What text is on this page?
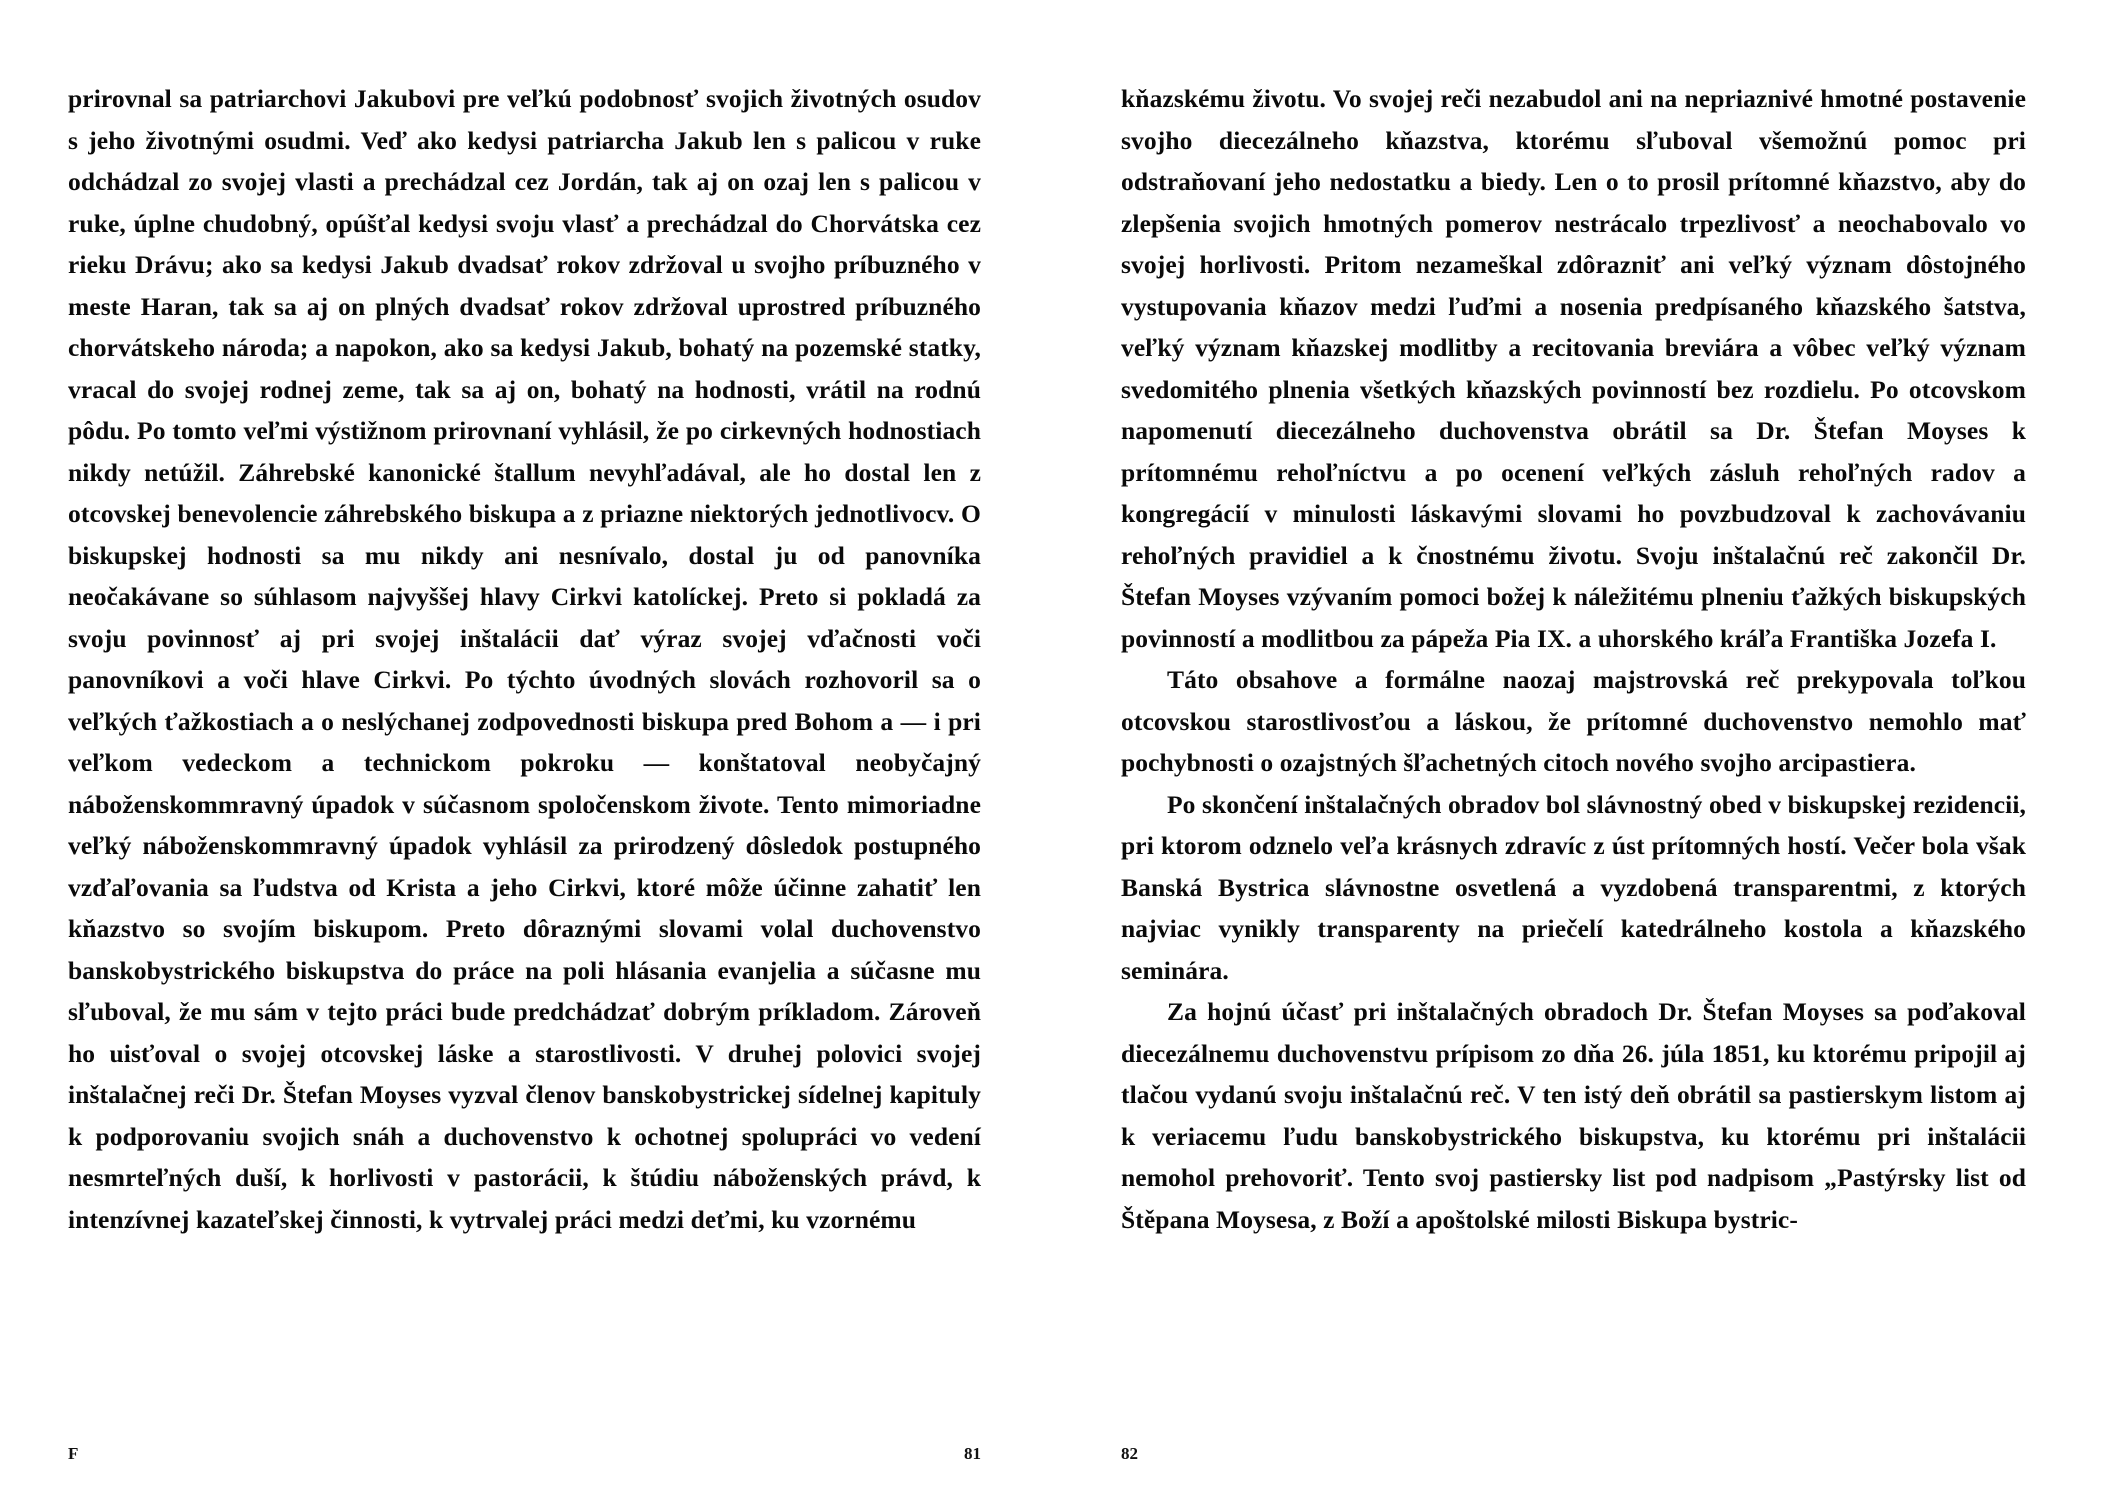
prirovnal sa patriarchovi Jakubovi pre veľkú podobnosť svojich životných osudov s jeho životnými osudmi. Veď ako kedysi patriarcha Jakub len s palicou v ruke odchádzal zo svojej vlasti a prechádzal cez Jordán, tak aj on ozaj len s palicou v ruke, úplne chudobný, opúšťal kedysi svoju vlasť a prechádzal do Chorvátska cez rieku Drávu; ako sa kedysi Jakub dvadsať rokov zdržoval u svojho príbuzného v meste Haran, tak sa aj on plných dvadsať rokov zdržoval uprostred príbuzného chorvátskeho národa; a napokon, ako sa kedysi Jakub, bohatý na pozemské statky, vracal do svojej rodnej zeme, tak sa aj on, bohatý na hodnosti, vrátil na rodnú pôdu. Po tomto veľmi výstižnom prirovnaní vyhlásil, že po cirkevných hodnostiach nikdy netúžil. Záhrebské kanonické štallum nevyhľadával, ale ho dostal len z otcovskej benevolencie záhrebského biskupa a z priazne niektorých jednotlivocv. O biskupskej hodnosti sa mu nikdy ani nesnívalo, dostal ju od panovníka neočakávane so súhlasom najvyššej hlavy Cirkvi katolíckej. Preto si pokladá za svoju povinnosť aj pri svojej inštalácii dať výraz svojej vďačnosti voči panovníkovi a voči hlave Cirkvi. Po týchto úvodných slovách rozhovoril sa o veľkých ťažkostiach a o neslýchanej zodpovednosti biskupa pred Bohom a — i pri veľkom vedeckom a technickom pokroku — konštatoval neobyčajný náboženskommravný úpadok v súčasnom spoločenskom živote. Tento mimoriadne veľký náboženskommravný úpadok vyhlásil za prirodzený dôsledok postupného vzďaľovania sa ľudstva od Krista a jeho Cirkvi, ktoré môže účinne zahatiť len kňazstvo so svojím biskupom. Preto dôraznými slovami volal duchovenstvo banskobystrického biskupstva do práce na poli hlásania evanjelia a súčasne mu sľuboval, že mu sám v tejto práci bude predchádzať dobrým príkladom. Zároveň ho uisťoval o svojej otcovskej láske a starostlivosti. V druhej polovici svojej inštalačnej reči Dr. Štefan Moyses vyzval členov banskobystrickej sídelnej kapituly k podporovaniu svojich snáh a duchovenstvo k ochotnej spolupráci vo vedení nesmrteľných duší, k horlivosti v pastorácii, k štúdiu náboženských právd, k intenzívnej kazateľskej činnosti, k vytrvalej práci medzi deťmi, ku vzornému

F	81

kňazskému životu. Vo svojej reči nezabudol ani na nepriaznivé hmotné postavenie svojho diecezálneho kňazstva, ktorému sľuboval všemožnú pomoc pri odstraňovaní jeho nedostatku a biedy. Len o to prosil prítomné kňazstvo, aby do zlepšenia svojich hmotných pomerov nestrácalo trpezlivosť a neochabovalo vo svojej horlivosti. Pritom nezameškal zdôrazniť ani veľký význam dôstojného vystupovania kňazov medzi ľuďmi a nosenia predpísaného kňazského šatstva, veľký význam kňazskej modlitby a recitovania breviára a vôbec veľký význam svedomitého plnenia všetkých kňazských povinností bez rozdielu. Po otcovskom napomenutí diecezálneho duchovenstva obrátil sa Dr. Štefan Moyses k prítomnému rehoľníctvu a po ocenení veľkých zásluh rehoľných radov a kongregácií v minulosti láskavými slovami ho povzbudzoval k zachovávaniu rehoľných pravidiel a k čnostnému životu. Svoju inštalačnú reč zakončil Dr. Štefan Moyses vzývaním pomoci božej k náležitému plneniu ťažkých biskupských povinností a modlitbou za pápeža Pia IX. a uhorského kráľa Františka Jozefa I.

Táto obsahove a formálne naozaj majstrovská reč prekypovala toľkou otcovskou starostlivosťou a láskou, že prítomné duchovenstvo nemohlo mať pochybnosti o ozajstných šľachetných citoch nového svojho arcipastiera.

Po skončení inštalačných obradov bol slávnostný obed v biskupskej rezidencii, pri ktorom odznelo veľa krásnych zdravíc z úst prítomných hostí. Večer bola však Banská Bystrica slávnostne osvetlená a vyzdobená transparentmi, z ktorých najviac vynikly transparenty na priečelí katedrálneho kostola a kňazského seminára.

Za hojnú účasť pri inštalačných obradoch Dr. Štefan Moyses sa poďakoval diecezálnemu duchovenstvu prípisom zo dňa 26. júla 1851, ku ktorému pripojil aj tlačou vydanú svoju inštalačnú reč. V ten istý deň obrátil sa pastierskym listom aj k veriacemu ľudu banskobystrického biskupstva, ku ktorému pri inštalácii nemohol prehovoriť. Tento svoj pastiersky list pod nadpisom „Pastýrsky list od Štěpana Moysesa, z Boží a apoštolské milosti Biskupa bystric-

82
